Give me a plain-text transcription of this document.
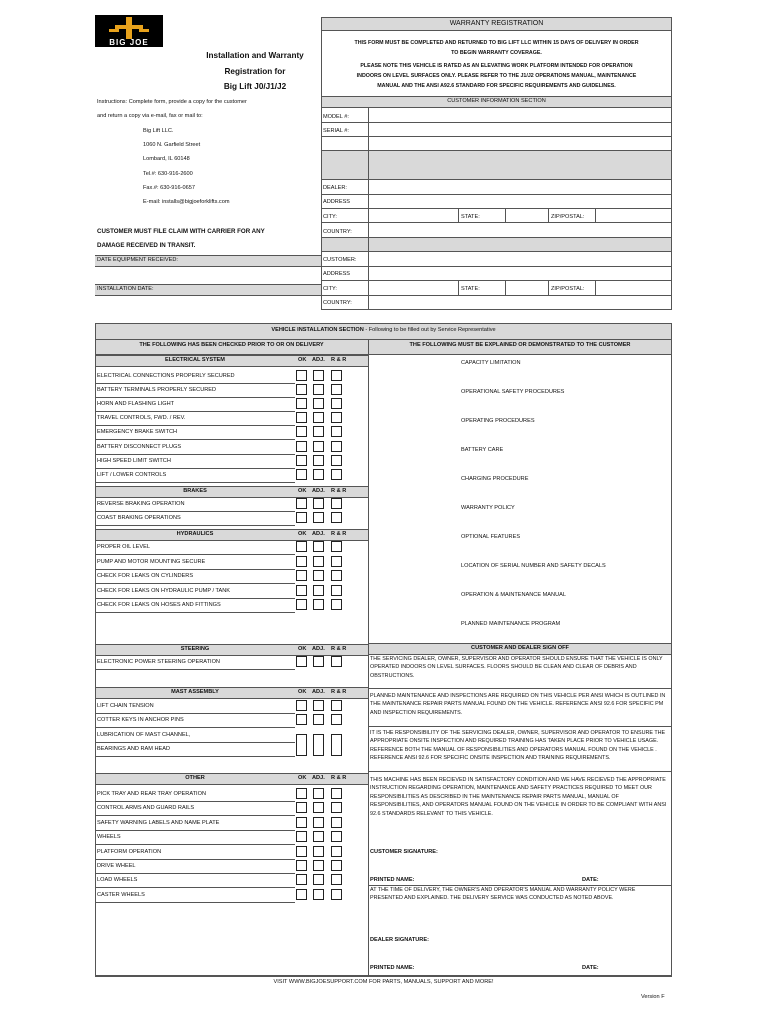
BIG JOE
Installation and Warranty
Registration for
Big Lift J0/J1/J2
Instructions: Complete form, provide a copy for the customer
and return a copy via e-mail, fax or mail to:
Big Lift LLC.
1060 N. Garfield Street
Lombard, IL 60148
Tel.#: 630-916-2600
Fax.#: 630-916-0657
E-mail: installs@bigjoeforklifts.com
CUSTOMER MUST FILE CLAIM WITH CARRIER FOR ANY
DAMAGE RECEIVED IN TRANSIT.
DATE EQUIPMENT RECEIVED:
INSTALLATION DATE:
WARRANTY REGISTRATION
THIS FORM MUST BE COMPLETED AND RETURNED TO BIG LIFT LLC WITHIN 15 DAYS OF DELIVERY IN ORDER
TO BEGIN WARRANTY COVERAGE.
PLEASE NOTE THIS VEHICLE IS RATED AS AN ELEVATING WORK PLATFORM INTENDED FOR OPERATION
INDOORS ON LEVEL SURFACES ONLY. PLEASE REFER TO THE J1/J2 OPERATIONS MANUAL, MAINTENANCE
MANUAL AND THE ANSI A92.6 STANDARD FOR SPECIFIC REQUIREMENTS AND GUIDELINES.
CUSTOMER INFORMATION SECTION
MODEL #:
SERIAL #:
DEALER:
ADDRESS
CITY:	STATE:	ZIP/POSTAL:
COUNTRY:
CUSTOMER:
ADDRESS
CITY:	STATE:	ZIP/POSTAL:
COUNTRY:
VEHICLE INSTALLATION SECTION - Following to be filled out by Service Representative
THE FOLLOWING HAS BEEN CHECKED PRIOR TO OR ON DELIVERY	THE FOLLOWING MUST BE EXPLAINED OR DEMONSTRATED TO THE CUSTOMER
ELECTRICAL SYSTEM	OK ADJ. R & R
ELECTRICAL CONNECTIONS PROPERLY SECURED
BATTERY TERMINALS PROPERLY SECURED
HORN AND FLASHING LIGHT
TRAVEL CONTROLS, FWD. / REV.
EMERGENCY BRAKE SWITCH
BATTERY DISCONNECT PLUGS
HIGH SPEED LIMIT SWITCH
LIFT / LOWER CONTROLS
BRAKES	OK ADJ. R & R
REVERSE BRAKING OPERATION
COAST BRAKING OPERATIONS
HYDRAULICS	OK ADJ. R & R
PROPER OIL LEVEL
PUMP AND MOTOR MOUNTING SECURE
CHECK FOR LEAKS ON CYLINDERS
CHECK FOR LEAKS ON HYDRAULIC PUMP / TANK
CHECK FOR LEAKS ON HOSES AND FITTINGS
STEERING	OK ADJ. R & R
ELECTRONIC POWER STEERING OPERATION
MAST ASSEMBLY	OK ADJ. R & R
LIFT CHAIN TENSION
COTTER KEYS IN ANCHOR PINS
LUBRICATION OF MAST CHANNEL,
BEARINGS AND RAM HEAD
OTHER	OK ADJ. R & R
PICK TRAY AND REAR TRAY OPERATION
CONTROL ARMS AND GUARD RAILS
SAFETY WARNING LABELS AND NAME PLATE
WHEELS
PLATFORM OPERATION
DRIVE WHEEL
LOAD WHEELS
CASTER WHEELS
CAPACITY LIMITATION
OPERATIONAL SAFETY PROCEDURES
OPERATING PROCEDURES
BATTERY CARE
CHARGING PROCEDURE
WARRANTY POLICY
OPTIONAL FEATURES
LOCATION OF SERIAL NUMBER AND SAFETY DECALS
OPERATION & MAINTENANCE MANUAL
PLANNED MAINTENANCE PROGRAM
CUSTOMER AND DEALER SIGN OFF
THE SERVICING DEALER, OWNER, SUPERVISOR AND OPERATOR SHOULD ENSURE THAT THE VEHICLE IS ONLY OPERATED INDOORS ON LEVEL SURFACES. FLOORS SHOULD BE CLEAN AND CLEAR OF DEBRIS AND OBSTRUCTIONS.
PLANNED MAINTENANCE AND INSPECTIONS ARE REQUIRED ON THIS VEHICLE PER ANSI WHICH IS OUTLINED IN THE MAINTENANCE REPAIR PARTS MANUAL FOUND ON THE VEHICLE. REFERENCE ANSI 92.6 FOR SPECIFIC PM AND INSPECTION REQUIREMENTS.
IT IS THE RESPONSIBILITY OF THE SERVICING DEALER, OWNER, SUPERVISOR AND OPERATOR TO ENSURE THE APPROPRIATE ONSITE INSPECTION AND REQUIRED TRAINING HAS TAKEN PLACE PRIOR TO VEHICLE USAGE. REFERENCE BOTH THE MANUAL OF RESPONSIBILITIES AND OPERATORS MANUAL FOUND ON THE VEHICLE . REFERENCE ANSI 92.6 FOR SPECIFIC ONSITE INSPECTION AND TRAINING REQUIREMENTS.
THIS MACHINE HAS BEEN RECIEVED IN SATISFACTORY CONDITION AND WE HAVE RECIEVED THE APPROPRIATE INSTRUCTION REGARDING OPERATION, MAINTENANCE AND SAFETY PRACTICES REQUIRED TO MEET OUR RESPONSIBILITIES AS DESCRIBED IN THE MAINTENANCE REPAIR PARTS MANUAL, MANUAL OF RESPONSIBILITIES, AND OPERATORS MANUAL FOUND ON THE VEHICLE IN ORDER TO BE COMPLIANT WITH ANSI 92.6 STANDARDS RELEVANT TO THIS VEHICLE.
CUSTOMER SIGNATURE:
PRINTED NAME:	DATE:
AT THE TIME OF DELIVERY, THE OWNER'S AND OPERATOR'S MANUAL AND WARRANTY POLICY WERE PRESENTED AND EXPLAINED. THE DELIVERY SERVICE WAS CONDUCTED AS NOTED ABOVE.
DEALER SIGNATURE:
PRINTED NAME:	DATE:
VISIT WWW.BIGJOESUPPORT.COM FOR PARTS, MANUALS, SUPPORT AND MORE!
Version F
